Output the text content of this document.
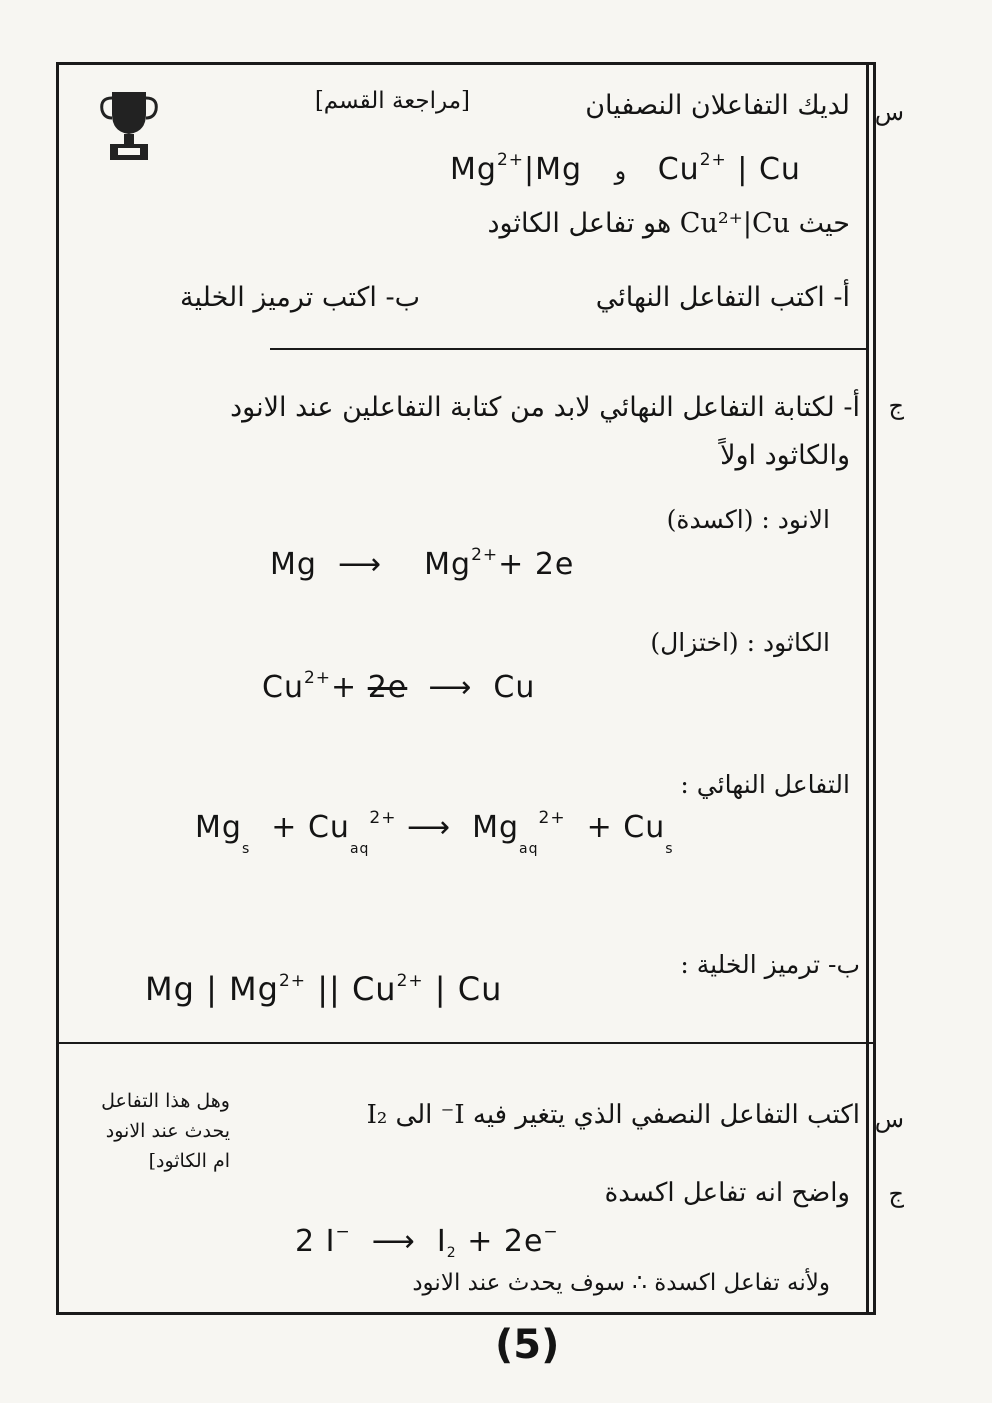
س
لديك التفاعلان النصفيان
[مراجعة القسم]
$Mg^{2+}|Mg$ و $Cu^{2+}$ | Cu
حيث Cu²⁺|Cu هو تفاعل الكاثود
أ- اكتب التفاعل النهائي
ب- اكتب ترميز الخلية
ج
أ- لكتابة التفاعل النهائي لابد من كتابة التفاعلين عند الانود
والكاثود اولاً
الانود : (اكسدة)
Mg  ⟶    $Mg^{2+}+ 2e$
الكاثود : (اختزال)
$Cu^{2+}+ 2e$  ⟶  Cu
التفاعل النهائي :
$Mg_s + Cu_{aq}^{2+}$ ⟶  $Mg_{aq}^{2+} + Cu_s$
ب- ترميز الخلية :
Mg | $Mg^{2+}$ || $Cu^{2+}$ | Cu
س
اكتب التفاعل النصفي الذي يتغير فيه I⁻ الى I₂
وهل هذا التفاعل
يحدث عند الانود
ام الكاثود]
ج
واضح انه تفاعل اكسدة
2 I−  ⟶  $I_2 + 2e^-$
ولأنه تفاعل اكسدة ∴ سوف يحدث عند الانود
(5)
